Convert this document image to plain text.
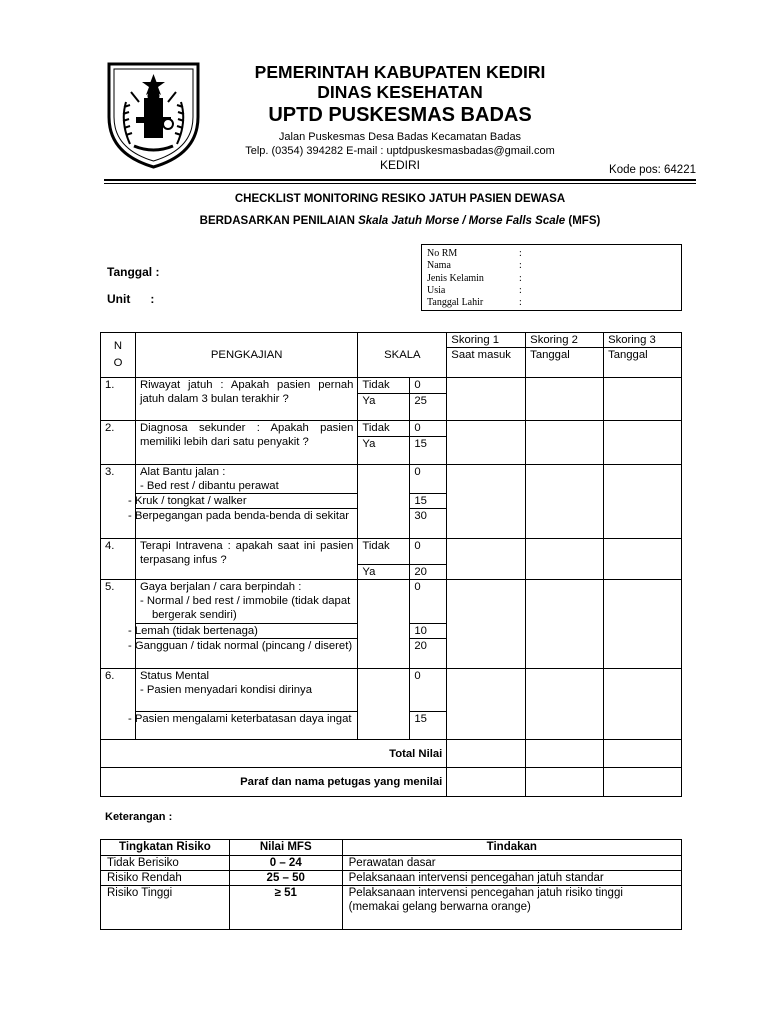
PEMERINTAH KABUPATEN KEDIRI
DINAS KESEHATAN
UPTD PUSKESMAS BADAS
Jalan Puskesmas Desa Badas Kecamatan Badas
Telp. (0354) 394282 E-mail : uptdpuskesmasbadas@gmail.com
KEDIRI	Kode pos: 64221
CHECKLIST MONITORING RESIKO JATUH PASIEN DEWASA
BERDASARKAN PENILAIAN Skala Jatuh Morse / Morse Falls Scale (MFS)
Tanggal :
Unit :
No RM	:
Nama	:
Jenis Kelamin	:
Usia	:
Tanggal Lahir	:
N O	PENGKAJIAN	SKALA		Skoring 1	Skoring 2	Skoring 3
				Saat masuk	Tanggal	Tanggal
1.	Riwayat jatuh : Apakah pasien pernah jatuh dalam 3 bulan terakhir ?	Tidak	0			
		Ya	25			
2.	Diagnosa sekunder : Apakah pasien memiliki lebih dari satu penyakit ?	Tidak	0			
		Ya	15			
3.	Alat Bantu jalan :
- Bed rest / dibantu perawat		0			
	- Kruk / tongkat / walker		15			
	- Berpegangan pada benda-benda di sekitar		30			
4.	Terapi Intravena : apakah saat ini pasien terpasang infus ?	Tidak	0			
		Ya	20			
5.	Gaya berjalan / cara berpindah :
- Normal / bed rest / immobile (tidak dapat bergerak sendiri)		0			
	- Lemah (tidak bertenaga)		10			
	- Gangguan / tidak normal (pincang / diseret)		20			
6.	Status Mental
- Pasien menyadari kondisi dirinya		0			
	- Pasien mengalami keterbatasan daya ingat		15			
Total Nilai						
Paraf dan nama petugas yang menilai						
Keterangan :
Tingkatan Risiko	Nilai MFS	Tindakan
Tidak Berisiko	0 – 24	Perawatan dasar
Risiko Rendah	25 – 50	Pelaksanaan intervensi pencegahan jatuh standar
Risiko Tinggi	≥ 51	Pelaksanaan intervensi pencegahan jatuh risiko tinggi
(memakai gelang berwarna orange)
